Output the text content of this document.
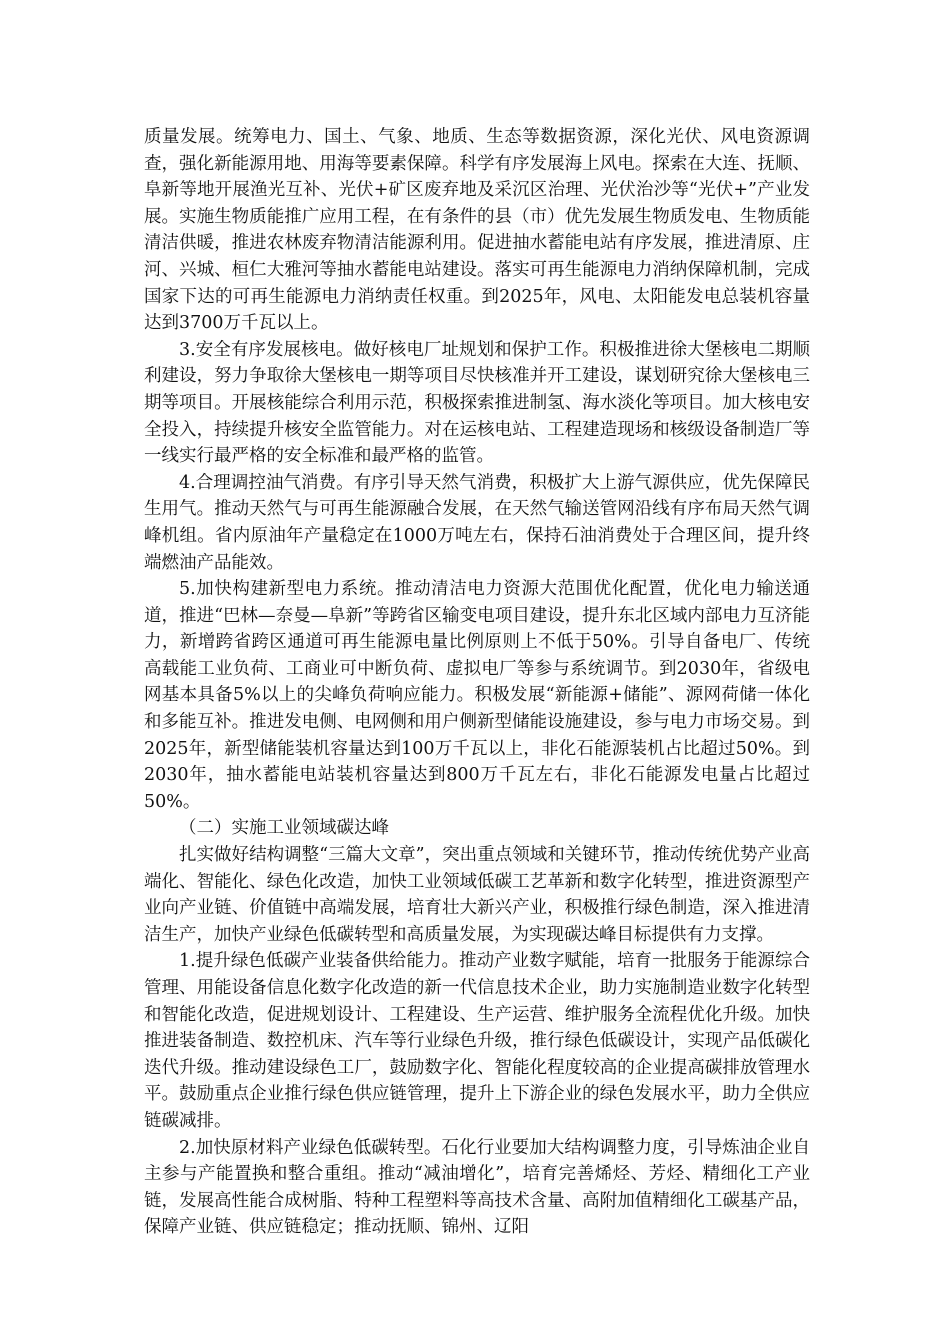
质量发展。统筹电力、国土、气象、地质、生态等数据资源，深化光伏、风电资源调查，强化新能源用地、用海等要素保障。科学有序发展海上风电。探索在大连、抚顺、阜新等地开展渔光互补、光伏+矿区废弃地及采沉区治理、光伏治沙等“光伏+”产业发展。实施生物质能推广应用工程，在有条件的县（市）优先发展生物质发电、生物质能清洁供暖，推进农林废弃物清洁能源利用。促进抽水蓄能电站有序发展，推进清原、庄河、兴城、桓仁大雅河等抽水蓄能电站建设。落实可再生能源电力消纳保障机制，完成国家下达的可再生能源电力消纳责任权重。到2025年，风电、太阳能发电总装机容量达到3700万千瓦以上。

3.安全有序发展核电。做好核电厂址规划和保护工作。积极推进徐大堡核电二期顺利建设，努力争取徐大堡核电一期等项目尽快核准并开工建设，谋划研究徐大堡核电三期等项目。开展核能综合利用示范，积极探索推进制氢、海水淡化等项目。加大核电安全投入，持续提升核安全监管能力。对在运核电站、工程建造现场和核级设备制造厂等一线实行最严格的安全标准和最严格的监管。

4.合理调控油气消费。有序引导天然气消费，积极扩大上游气源供应，优先保障民生用气。推动天然气与可再生能源融合发展，在天然气输送管网沿线有序布局天然气调峰机组。省内原油年产量稳定在1000万吨左右，保持石油消费处于合理区间，提升终端燃油产品能效。

5.加快构建新型电力系统。推动清洁电力资源大范围优化配置，优化电力输送通道，推进“巴林—奈曼—阜新”等跨省区输变电项目建设，提升东北区域内部电力互济能力，新增跨省跨区通道可再生能源电量比例原则上不低于50%。引导自备电厂、传统高载能工业负荷、工商业可中断负荷、虚拟电厂等参与系统调节。到2030年，省级电网基本具备5%以上的尖峰负荷响应能力。积极发展“新能源+储能”、源网荷储一体化和多能互补。推进发电侧、电网侧和用户侧新型储能设施建设，参与电力市场交易。到2025年，新型储能装机容量达到100万千瓦以上，非化石能源装机占比超过50%。到2030年，抽水蓄能电站装机容量达到800万千瓦左右，非化石能源发电量占比超过50%。

（二）实施工业领域碳达峰

扎实做好结构调整“三篇大文章”，突出重点领域和关键环节，推动传统优势产业高端化、智能化、绿色化改造，加快工业领域低碳工艺革新和数字化转型，推进资源型产业向产业链、价值链中高端发展，培育壮大新兴产业，积极推行绿色制造，深入推进清洁生产，加快产业绿色低碳转型和高质量发展，为实现碳达峰目标提供有力支撑。

1.提升绿色低碳产业装备供给能力。推动产业数字赋能，培育一批服务于能源综合管理、用能设备信息化数字化改造的新一代信息技术企业，助力实施制造业数字化转型和智能化改造，促进规划设计、工程建设、生产运营、维护服务全流程优化升级。加快推进装备制造、数控机床、汽车等行业绿色升级，推行绿色低碳设计，实现产品低碳化迭代升级。推动建设绿色工厂，鼓励数字化、智能化程度较高的企业提高碳排放管理水平。鼓励重点企业推行绿色供应链管理，提升上下游企业的绿色发展水平，助力全供应链碳减排。

2.加快原材料产业绿色低碳转型。石化行业要加大结构调整力度，引导炼油企业自主参与产能置换和整合重组。推动“减油增化”，培育完善烯烃、芳烃、精细化工产业链，发展高性能合成树脂、特种工程塑料等高技术含量、高附加值精细化工碳基产品，保障产业链、供应链稳定；推动抚顺、锦州、辽阳
